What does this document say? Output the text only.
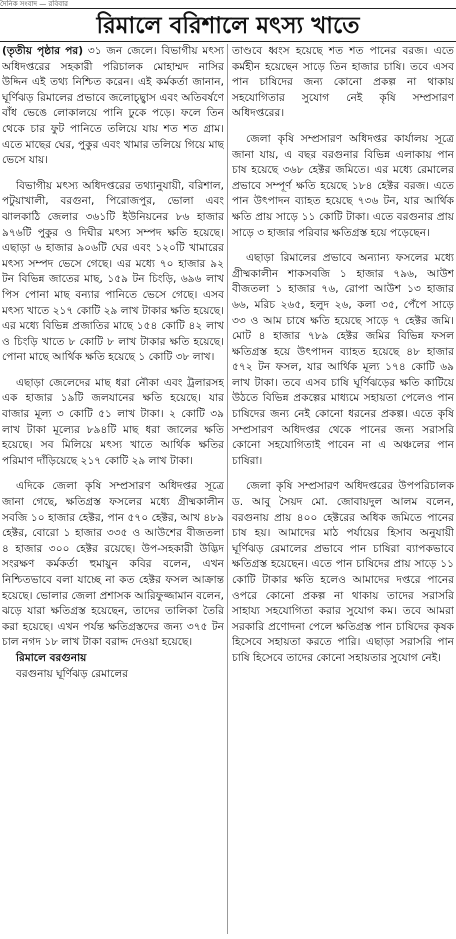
দৈনিক সংবাদ — রবিবার
রিমালে বরিশালে মৎস্য খাতে

(তৃতীয় পৃষ্ঠার পর) ৩১ জন জেলে। বিভাগীয় মৎস্য অধিদপ্তরের সহকারী পরিচালক মোহাম্মদ নাসির উদ্দিন এই তথ্য নিশ্চিত করেন। এই কর্মকর্তা জানান, ঘূর্ণিঝড় রিমালের প্রভাবে জলোচ্ছ্বাস এবং অতিবর্ষণে বাঁধ ভেঙে লোকালয়ে পানি ঢুকে পড়ে। ফলে তিন থেকে চার ফুট পানিতে তলিয়ে যায় শত শত গ্রাম। এতে মাছের ঘের, পুকুর এবং খামার তলিয়ে গিয়ে মাছ ভেসে যায়।

বিভাগীয় মৎস্য অধিদপ্তরের তথ্যানুযায়ী, বরিশাল, পটুয়াখালী, বরগুনা, পিরোজপুর, ভোলা এবং ঝালকাঠি জেলার ৩৬১টি ইউনিয়নের ৮৬ হাজার ৯৭৬টি পুকুর ও দিঘীর মৎস্য সম্পদ ক্ষতি হয়েছে। এছাড়া ৬ হাজার ৯০৬টি ঘের এবং ১২০টি খামারের মৎস্য সম্পদ ভেসে গেছে। এর মধ্যে ৭০ হাজার ৯২ টন বিভিন্ন জাতের মাছ, ১৫৯ টন চিংড়ি, ৬৯৬ লাখ পিস পোনা মাছ বন্যার পানিতে ভেসে গেছে। এসব মৎস্য খাতে ২১৭ কোটি ২৯ লাখ টাকার ক্ষতি হয়েছে। এর মধ্যে বিভিন্ন প্রজাতির মাছে ১৫৪ কোটি ৪২ লাখ ও চিংড়ি খাতে ৮ কোটি ৮ লাখ টাকার ক্ষতি হয়েছে। পোনা মাছে আর্থিক ক্ষতি হয়েছে ১ কোটি ৩৮ লাখ।

এছাড়া জেলেদের মাছ ধরা নৌকা এবং ট্রলারসহ এক হাজার ১৯টি জলযানের ক্ষতি হয়েছে। যার বাজার মূল্য ৩ কোটি ৫১ লাখ টাকা। ২ কোটি ৩৯ লাখ টাকা মূল্যের ৮৯৪টি মাছ ধরা জালের ক্ষতি হয়েছে। সব মিলিয়ে মৎস্য খাতে আর্থিক ক্ষতির পরিমাণ দাঁড়িয়েছে ২১৭ কোটি ২৯ লাখ টাকা।

এদিকে জেলা কৃষি সম্প্রসারণ অধিদপ্তর সূত্রে জানা গেছে, ক্ষতিগ্রস্ত ফসলের মধ্যে গ্রীষ্মকালীন সবজি ১০ হাজার হেক্টর, পান ৫৭০ হেক্টর, আখ ৪৮৯ হেক্টর, বোরো ১ হাজার ৩৩৫ ও আউশের বীজতলা ৪ হাজার ৩০০ হেক্টর রয়েছে। উপ-সহকারী উদ্ভিদ সংরক্ষণ কর্মকর্তা হুমায়ুন কবির বলেন, এখন নিশ্চিতভাবে বলা যাচ্ছে না কত হেক্টর ফসল আক্রান্ত হয়েছে। ভোলার জেলা প্রশাসক আরিফুজ্জামান বলেন, ঝড়ে যারা ক্ষতিগ্রস্ত হয়েছেন, তাদের তালিকা তৈরি করা হয়েছে। এখন পর্যন্ত ক্ষতিগ্রস্তদের জন্য ৩৭৫ টন চাল নগদ ১৮ লাখ টাকা বরাদ্দ দেওয়া হয়েছে।

রিমালে বরগুনায়

বরগুনায় ঘূর্ণিঝড় রেমালের

তাণ্ডবে ধ্বংস হয়েছে শত শত পানের বরজ। এতে কর্মহীন হয়েছেন সাড়ে তিন হাজার চাষি। তবে এসব পান চাষিদের জন্য কোনো প্রকল্প না থাকায় সহযোগিতার সুযোগ নেই কৃষি সম্প্রসারণ অধিদপ্তরের।

জেলা কৃষি সম্প্রসারণ অধিদপ্তর কার্যালয় সূত্রে জানা যায়, এ বছর বরগুনার বিভিন্ন এলাকায় পান চাষ হয়েছে ৩৬৮ হেক্টর জমিতে। এর মধ্যে রেমালের প্রভাবে সম্পূর্ণ ক্ষতি হয়েছে ১৮৪ হেক্টর বরজ। এতে পান উৎপাদন ব্যাহত হয়েছে ৭৩৬ টন, যার আর্থিক ক্ষতি প্রায় সাড়ে ১১ কোটি টাকা। এতে বরগুনার প্রায় সাড়ে ৩ হাজার পরিবার ক্ষতিগ্রস্ত হয়ে পড়েছেন।

এছাড়া রিমালের প্রভাবে অন্যান্য ফসলের মধ্যে গ্রীষ্মকালীন শাকসবজি ১ হাজার ৭৯৬, আউশ বীজতলা ১ হাজার ৭৬, রোপা আউশ ১৩ হাজার ৬৬, মরিচ ২৬৫, হলুদ ২৬, কলা ৩৫, পেঁপে সাড়ে ৩৩ ও আম চাষে ক্ষতি হয়েছে সাড়ে ৭ হেক্টর জমি। মোট ৪ হাজার ৭৮৯ হেক্টর জমির বিভিন্ন ফসল ক্ষতিগ্রস্ত হয়ে উৎপাদন ব্যাহত হয়েছে ৪৮ হাজার ৫৭২ টন ফসল, যার আর্থিক মূল্য ১৭৪ কোটি ৬৯ লাখ টাকা। তবে এসব চাষি ঘূর্ণিঝড়ের ক্ষতি কাটিয়ে উঠতে বিভিন্ন প্রকল্পের মাধ্যমে সহায়তা পেলেও পান চাষিদের জন্য নেই কোনো ধরনের প্রকল্প। এতে কৃষি সম্প্রসারণ অধিদপ্তর থেকে পানের জন্য সরাসরি কোনো সহযোগিতাই পাবেন না এ অঞ্চলের পান চাষিরা।

জেলা কৃষি সম্প্রসারণ অধিদপ্তরের উপপরিচালক ড. আবু সৈয়দ মো. জোবায়দুল আলম বলেন, বরগুনায় প্রায় ৪০০ হেক্টরের অধিক জমিতে পানের চাষ হয়। আমাদের মাঠ পর্যায়ের হিসাব অনুযায়ী ঘূর্ণিঝড় রেমালের প্রভাবে পান চাষিরা ব্যাপকভাবে ক্ষতিগ্রস্ত হয়েছেন। এতে পান চাষিদের প্রায় সাড়ে ১১ কোটি টাকার ক্ষতি হলেও আমাদের দপ্তরে পানের ওপরে কোনো প্রকল্প না থাকায় তাদের সরাসরি সাহায্য সহযোগিতা করার সুযোগ কম। তবে আমরা সরকারি প্রণোদনা পেলে ক্ষতিগ্রস্ত পান চাষিদের কৃষক হিসেবে সহায়তা করতে পারি। এছাড়া সরাসরি পান চাষি হিসেবে তাদের কোনো সহায়তার সুযোগ নেই।
